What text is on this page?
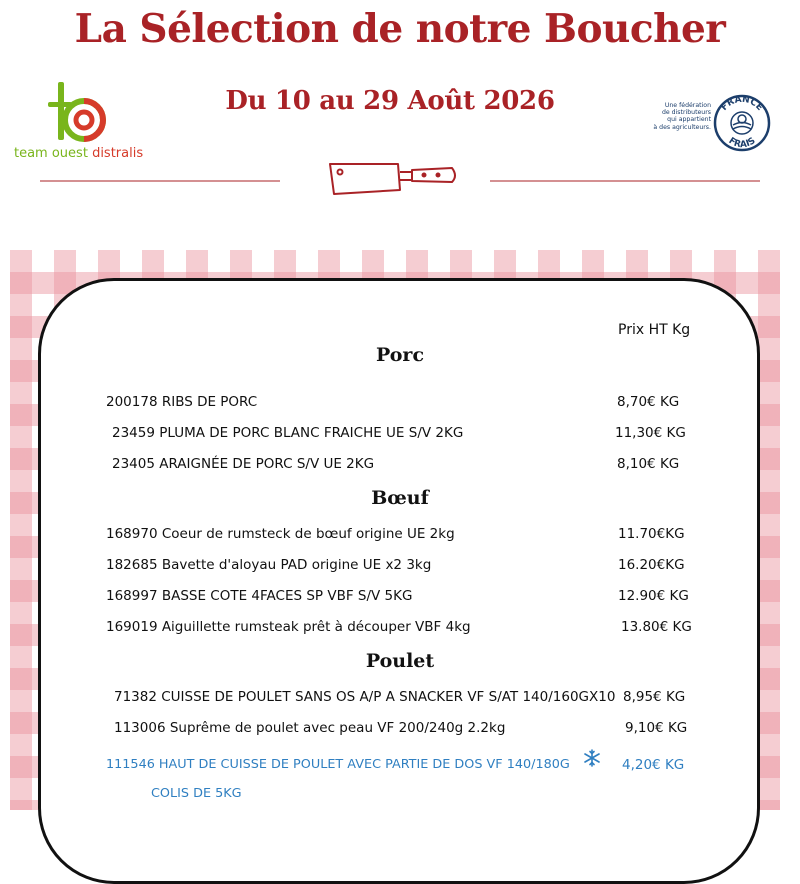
La Sélection de notre Boucher
Du 10 au 29 Août 2026
team ouest distralis
Une fédération
de distributeurs
qui appartient
à des agriculteurs.
FRANCE
FRAIS
Prix HT Kg
Porc
200178 RIBS DE PORC	8,70€ KG
23459 PLUMA DE PORC BLANC FRAICHE UE S/V 2KG	11,30€ KG
23405 ARAIGNÉE DE PORC S/V UE 2KG	8,10€ KG
Bœuf
168970 Coeur de rumsteck de bœuf origine UE 2kg	11.70€KG
182685 Bavette d'aloyau PAD origine UE x2 3kg	16.20€KG
168997 BASSE COTE 4FACES SP VBF S/V 5KG	12.90€ KG
169019 Aiguillette rumsteak prêt à découper VBF 4kg	13.80€ KG
Poulet
71382 CUISSE DE POULET SANS OS A/P A SNACKER VF S/AT 140/160GX10 8,95€ KG
113006 Suprême de poulet avec peau VF 200/240g 2.2kg	9,10€ KG
111546 HAUT DE CUISSE DE POULET AVEC PARTIE DE DOS VF 140/180G	4,20€ KG
COLIS DE 5KG
